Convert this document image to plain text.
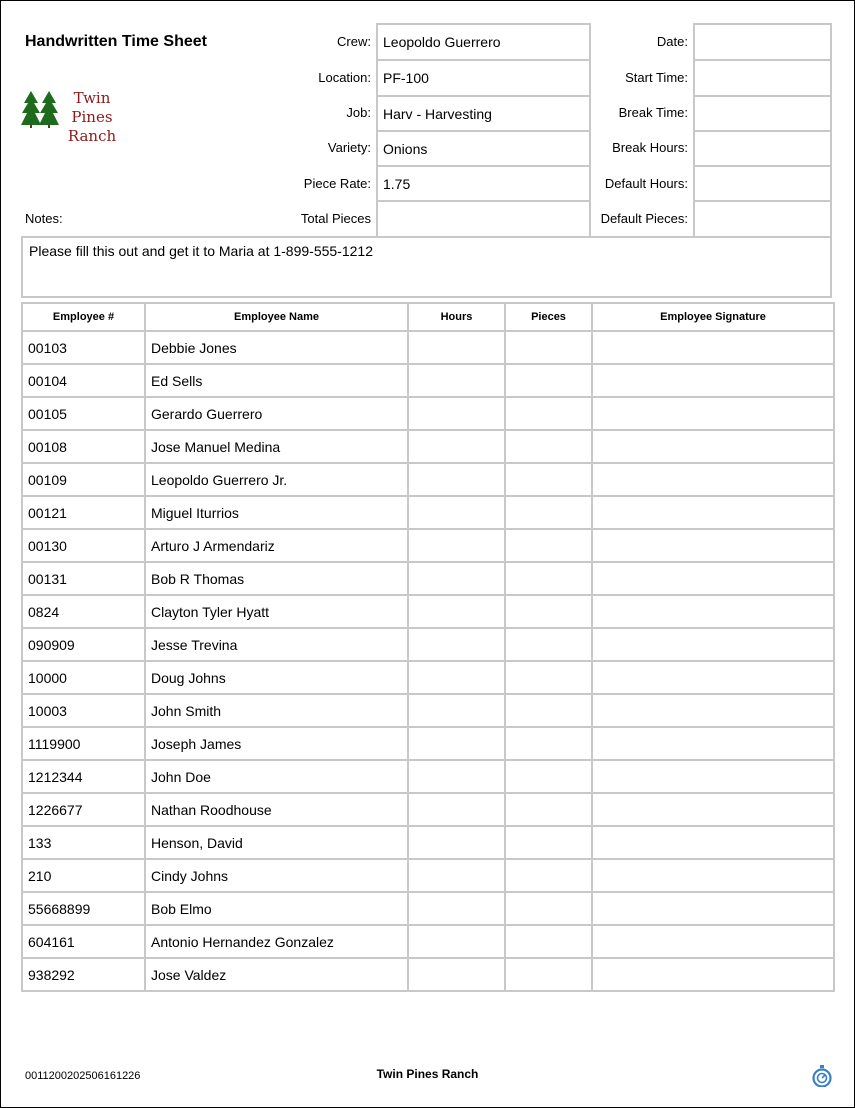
Handwritten Time Sheet
Twin Pines
Ranch
Crew: Leopoldo Guerrero
Location: PF-100
Job: Harv - Harvesting
Variety: Onions
Piece Rate: 1.75
Total Pieces
Date:
Start Time:
Break Time:
Break Hours:
Default Hours:
Default Pieces:
Notes:
Please fill this out and get it to Maria at 1-899-555-1212
Employee #	Employee Name	Hours	Pieces	Employee Signature
00103	Debbie Jones			
00104	Ed Sells			
00105	Gerardo Guerrero			
00108	Jose Manuel Medina			
00109	Leopoldo Guerrero Jr.			
00121	Miguel Iturrios			
00130	Arturo J Armendariz			
00131	Bob R Thomas			
0824	Clayton Tyler Hyatt			
090909	Jesse Trevina			
10000	Doug Johns			
10003	John Smith			
1119900	Joseph James			
1212344	John Doe			
1226677	Nathan Roodhouse			
133	Henson, David			
210	Cindy Johns			
55668899	Bob Elmo			
604161	Antonio Hernandez Gonzalez			
938292	Jose Valdez			
0011200202506161226	Twin Pines Ranch
